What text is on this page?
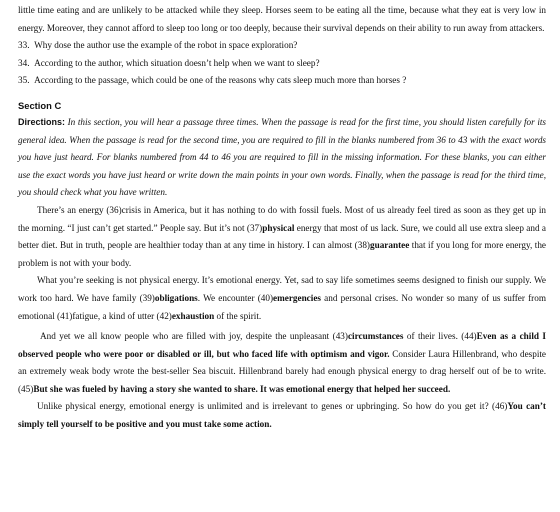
little time eating and are unlikely to be attacked while they sleep. Horses seem to be eating all the time, because what they eat is very low in energy. Moreover, they cannot afford to sleep too long or too deeply, because their survival depends on their ability to run away from attackers.

33. Why dose the author use the example of the robot in space exploration?
34. According to the author, which situation doesn’t help when we want to sleep?
35. According to the passage, which could be one of the reasons why cats sleep much more than horses ?
Section C

Directions: In this section, you will hear a passage three times. When the passage is read for the first time, you should listen carefully for its general idea. When the passage is read for the second time, you are required to fill in the blanks numbered from 36 to 43 with the exact words you have just heard. For blanks numbered from 44 to 46 you are required to fill in the missing information. For these blanks, you can either use the exact words you have just heard or write down the main points in your own words. Finally, when the passage is read for the third time, you should check what you have written.

There’s an energy (36)crisis in America, but it has nothing to do with fossil fuels. Most of us already feel tired as soon as they get up in the morning. “I just can’t get started.” People say. But it’s not (37)physical energy that most of us lack. Sure, we could all use extra sleep and a better diet. But in truth, people are healthier today than at any time in history. I can almost (38)guarantee that if you long for more energy, the problem is not with your body.

What you’re seeking is not physical energy. It’s emotional energy. Yet, sad to say life sometimes seems designed to finish our supply. We work too hard. We have family (39)obligations. We encounter (40)emergencies and personal crises. No wonder so many of us suffer from emotional (41)fatigue, a kind of utter (42)exhaustion of the spirit.

And yet we all know people who are filled with joy, despite the unpleasant (43)circumstances of their lives. (44)Even as a child I observed people who were poor or disabled or ill, but who faced life with optimism and vigor. Consider Laura Hillenbrand, who despite an extremely weak body wrote the best-seller Sea biscuit. Hillenbrand barely had enough physical energy to drag herself out of be to write. (45)But she was fueled by having a story she wanted to share. It was emotional energy that helped her succeed.

Unlike physical energy, emotional energy is unlimited and is irrelevant to genes or upbringing. So how do you get it? (46)You can’t simply tell yourself to be positive and you must take some action.
